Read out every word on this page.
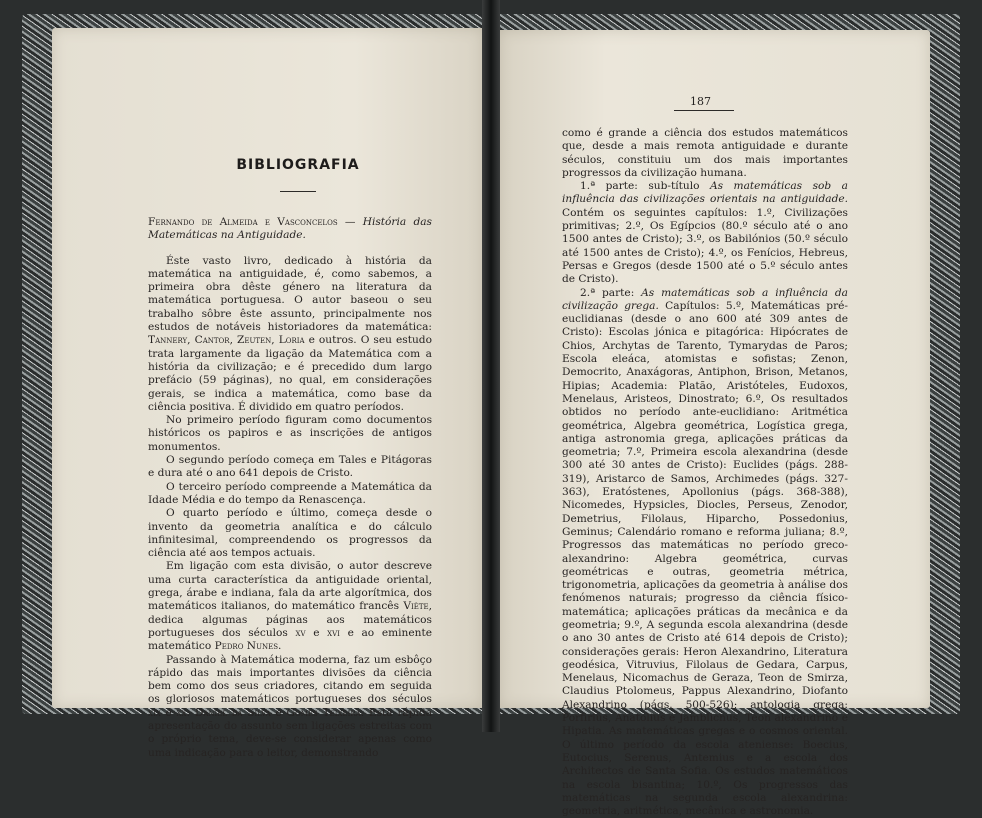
BIBLIOGRAFIA

Fernando de Almeida e Vasconcelos — História das Matemáticas na Antiguidade.

Éste vasto livro, dedicado à história da matemática na antiguidade, é, como sabemos, a primeira obra dêste género na literatura da matemática portuguesa. O autor baseou o seu trabalho sôbre êste assunto, principalmente nos estudos de notáveis historiadores da matemática: Tannery, Cantor, Zeuten, Loria e outros. O seu estudo trata largamente da ligação da Matemática com a história da civilização; e é precedido dum largo prefácio (59 páginas), no qual, em considerações gerais, se indica a matemática, como base da ciência positiva. É dividido em quatro períodos.

No primeiro período figuram como documentos históricos os papiros e as inscrições de antigos monumentos.

O segundo período começa em Tales e Pitágoras e dura até o ano 641 depois de Cristo.

O terceiro período compreende a Matemática da Idade Média e do tempo da Renascença.

O quarto período e último, começa desde o invento da geometria analítica e do cálculo infinitesimal, compreendendo os progressos da ciência até aos tempos actuais.

Em ligação com esta divisão, o autor descreve uma curta característica da antiguidade oriental, grega, árabe e indiana, fala da arte algorítmica, dos matemáticos italianos, do matemático francês Viète, dedica algumas páginas aos matemáticos portugueses dos séculos xv e xvi e ao eminente matemático Pedro Nunes.

Passando à Matemática moderna, faz um esbôço rápido das mais importantes divisões da ciência bem como dos seus criadores, citando em seguida os gloriosos matemáticos portugueses dos séculos xix e xx: Daniel da Silva e Gomes Teixeira. Esta rápida apresentação do assunto sem ligações estreitas com o próprio tema, deve-se considerar apenas como uma indicação para o leitor, demonstrando

187

como é grande a ciência dos estudos matemáticos que, desde a mais remota antiguidade e durante séculos, constituiu um dos mais importantes progressos da civilização humana.

1.ª parte: sub-título As matemáticas sob a influência das civilizações orientais na antiguidade. Contém os seguintes capítulos: 1.º, Civilizações primitivas; 2.º, Os Egípcios (80.º século até o ano 1500 antes de Cristo); 3.º, os Babilónios (50.º século até 1500 antes de Cristo); 4.º, os Fenícios, Hebreus, Persas e Gregos (desde 1500 até o 5.º século antes de Cristo).

2.ª parte: As matemáticas sob a influência da civilização grega. Capítulos: 5.º, Matemáticas pré-euclidianas (desde o ano 600 até 309 antes de Cristo): Escolas jónica e pitagórica: Hipócrates de Chios, Archytas de Tarento, Tymarydas de Paros; Escola eleáca, atomistas e sofistas; Zenon, Democrito, Anaxágoras, Antiphon, Brison, Metanos, Hipias; Academia: Platão, Aristóteles, Eudoxos, Menelaus, Aristeos, Dinostrato; 6.º, Os resultados obtidos no período ante-euclidiano: Aritmética geométrica, Algebra geométrica, Logística grega, antiga astronomia grega, aplicações práticas da geometria; 7.º, Primeira escola alexandrina (desde 300 até 30 antes de Cristo): Euclides (págs. 288-319), Aristarco de Samos, Archimedes (págs. 327-363), Eratóstenes, Apollonius (págs. 368-388), Nicomedes, Hypsicles, Diocles, Perseus, Zenodor, Demetrius, Filolaus, Hiparcho, Possedonius, Geminus; Calendário romano e reforma juliana; 8.º, Progressos das matemáticas no período greco-alexandrino: Algebra geométrica, curvas geométricas e outras, geometria métrica, trigonometria, aplicações da geometria à análise dos fenómenos naturais; progresso da ciência físico-matemática; aplicações práticas da mecânica e da geometria; 9.º, A segunda escola alexandrina (desde o ano 30 antes de Cristo até 614 depois de Cristo); considerações gerais: Heron Alexandrino, Literatura geodésica, Vitruvius, Filolaus de Gedara, Carpus, Menelaus, Nicomachus de Geraza, Teon de Smirza, Claudius Ptolomeus, Pappus Alexandrino, Diofanto Alexandrino (págs. 500-526); antologia grega: Porfirius, Anatolius e Jamblichus, Teon alexandrino e Hipatia. As matemáticas gregas e o cosmos oriental. O último período da escola ateniense: Boecius, Eutocius, Serenus, Antemius e a escola dos Architectos de Santa Sofia. Os estudos matemáticos na escola bisantina; 10.º, Os progressos das matemáticas na segunda escola alexandrina: geometria, aritmética, mecânica e astronomia.
